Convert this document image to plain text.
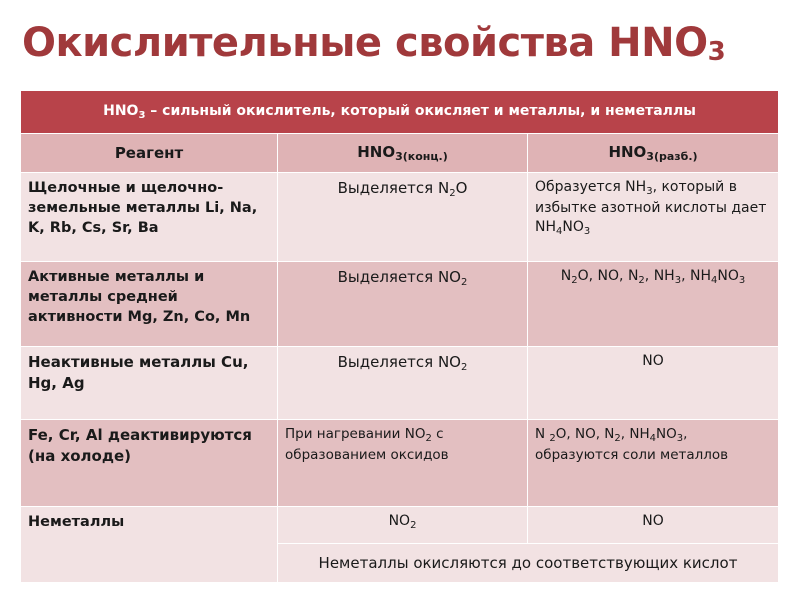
Окислительные свойства $HNO_3$
$HNO_3$ – сильный окислитель, который окисляет и металлы, и неметаллы		
Реагент	$HNO_{3(конц.)}$	$HNO_{3(разб.)}$
Щелочные и щелочно-земельные металлы Li, Na, K, Rb, Cs, Sr, Ba	Выделяется $N_2O$	Образуется $NH_3$, который в избытке азотной кислоты дает $NH_4NO_3$
Активные металлы и металлы средней активности Mg, Zn, Co, Mn	Выделяется $NO_2$	$N_2O$, NO, $N_2$, $NH_3$, $NH_4NO_3$
Неактивные металлы Cu, Hg, Ag	Выделяется $NO_2$	NO
Fe, Cr, Al деактивируются (на холоде)	При нагревании $NO_2$ с образованием оксидов	N $_2$O, NO, $N_2$, $NH_4NO_3$, образуются соли металлов
Неметаллы	$NO_2$	NO
	Неметаллы окисляются до соответствующих кислот	
